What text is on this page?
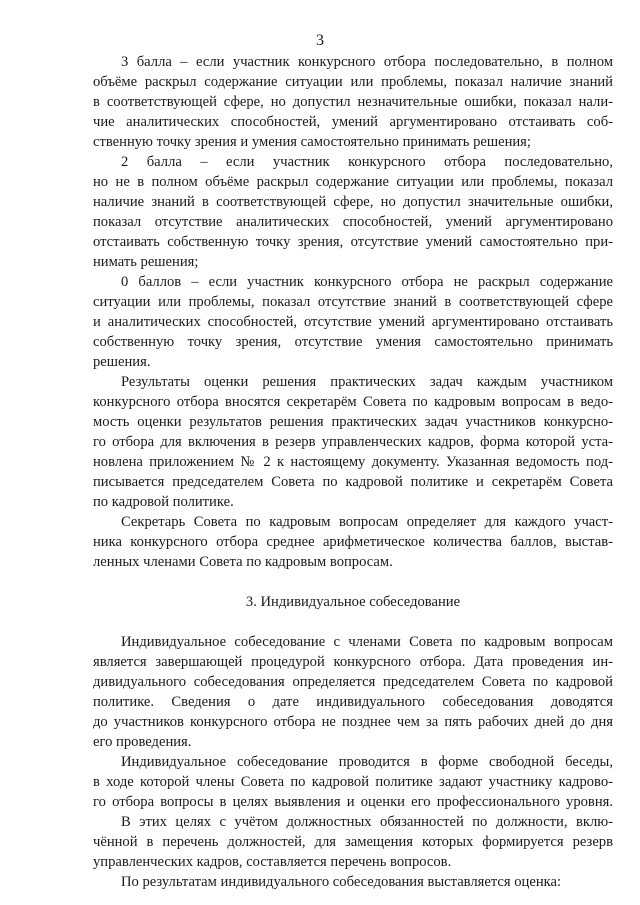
3
3 балла – если участник конкурсного отбора последовательно, в полном
объёме раскрыл содержание ситуации или проблемы, показал наличие знаний
в соответствующей сфере, но допустил незначительные ошибки, показал нали-
чие аналитических способностей, умений аргументировано отстаивать соб-
ственную точку зрения и умения самостоятельно принимать решения;
2 балла – если участник конкурсного отбора последовательно,
но не в полном объёме раскрыл содержание ситуации или проблемы, показал
наличие знаний в соответствующей сфере, но допустил значительные ошибки,
показал отсутствие аналитических способностей, умений аргументировано
отстаивать собственную точку зрения, отсутствие умений самостоятельно при-
нимать решения;
0 баллов – если участник конкурсного отбора не раскрыл содержание
ситуации или проблемы, показал отсутствие знаний в соответствующей сфере
и аналитических способностей, отсутствие умений аргументировано отстаивать
собственную точку зрения, отсутствие умения самостоятельно принимать
решения.
Результаты оценки решения практических задач каждым участником
конкурсного отбора вносятся секретарём Совета по кадровым вопросам в ведо-
мость оценки результатов решения практических задач участников конкурсно-
го отбора для включения в резерв управленческих кадров, форма которой уста-
новлена приложением № 2 к настоящему документу. Указанная ведомость под-
писывается председателем Совета по кадровой политике и секретарём Совета
по кадровой политике.
Секретарь Совета по кадровым вопросам определяет для каждого участ-
ника конкурсного отбора среднее арифметическое количества баллов, выстав-
ленных членами Совета по кадровым вопросам.
3. Индивидуальное собеседование
Индивидуальное собеседование с членами Совета по кадровым вопросам
является завершающей процедурой конкурсного отбора. Дата проведения ин-
дивидуального собеседования определяется председателем Совета по кадровой
политике. Сведения о дате индивидуального собеседования доводятся
до участников конкурсного отбора не позднее чем за пять рабочих дней до дня
его проведения.
Индивидуальное собеседование проводится в форме свободной беседы,
в ходе которой члены Совета по кадровой политике задают участнику кадрово-
го отбора вопросы в целях выявления и оценки его профессионального уровня.
В этих целях с учётом должностных обязанностей по должности, вклю-
чённой в перечень должностей, для замещения которых формируется резерв
управленческих кадров, составляется перечень вопросов.
По результатам индивидуального собеседования выставляется оценка:
